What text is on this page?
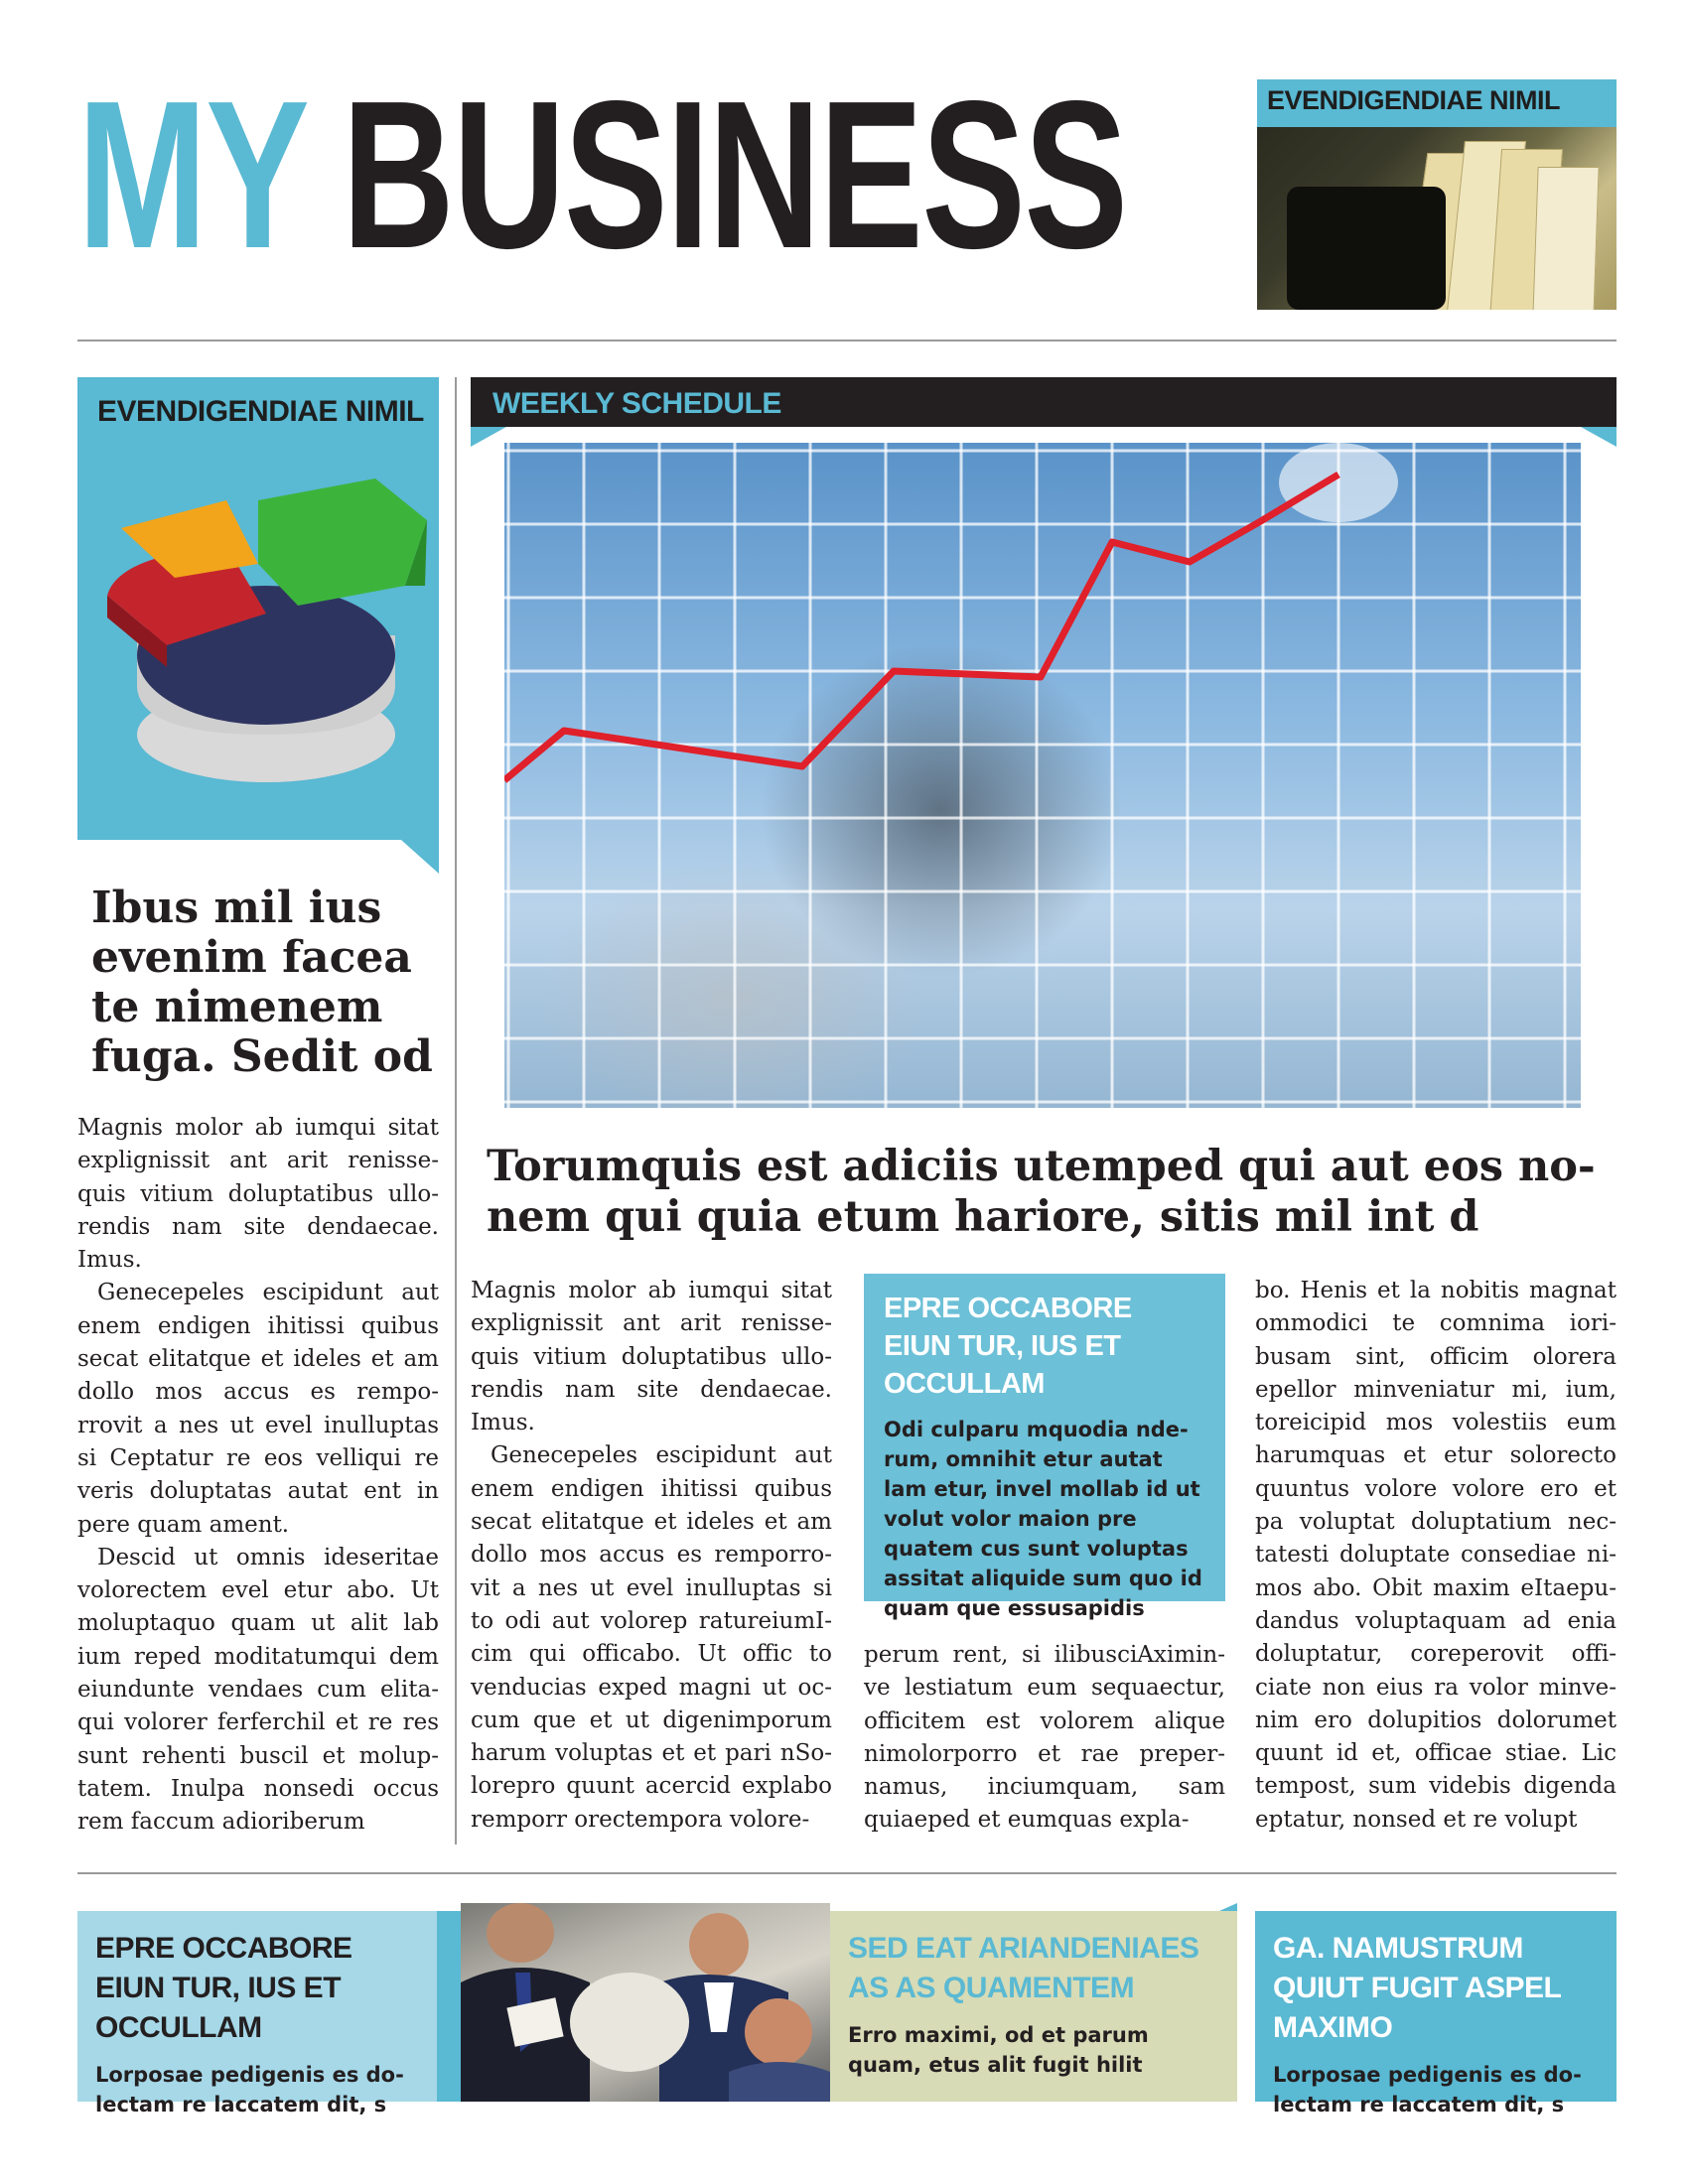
MY BUSINESS	EVENDIGENDIAE NIMIL
EVENDIGENDIAE NIMIL
Ibus mil ius evenim facea te nimenem fuga. Sedit od

Magnis molor ab iumqui sitat explignissit ant arit renissequis vitium doluptatibus ullorendis nam site dendaecae. Imus.

Genecepeles escipidunt aut enem endigen ihitissi quibus secat elitatque et ideles et am dollo mos accus es remporrovit a nes ut evel inulluptas si Ceptatur re eos velliqui re veris doluptatas autat ent in pere quam ament.

Descid ut omnis ideseritae volorectem evel etur abo. Ut moluptaquo quam ut alit lab ium reped moditatumqui dem eiundunte vendaes cum elitaqui volorer ferferchil et re res sunt rehenti buscil et moluptatem. Inulpa nonsedi occus rem faccum adioriberum

WEEKLY SCHEDULE
Torumquis est adiciis utemped qui aut eos nonem qui quia etum hariore, sitis mil int d

Magnis molor ab iumqui sitat explignissit ant arit renissequis vitium doluptatibus ullorendis nam site dendaecae. Imus.

Genecepeles escipidunt aut enem endigen ihitissi quibus secat elitatque et ideles et am dollo mos accus es remporrovit a nes ut evel inulluptas si to odi aut volorep ratureiumIcim qui officabo. Ut offic to venducias exped magni ut occum que et ut digenimporum harum voluptas et et pari nSolorepro quunt acercid explabo remporr orectempora volore-

EPRE OCCABORE EIUN TUR, IUS ET OCCULLAM
Odi culparu mquodia nderum, omnihit etur autat lam etur, invel mollab id ut volut volor maion pre quatem cus sunt voluptas assitat aliquide sum quo id quam que essusapidis

perum rent, si ilibusciAximinve lestiatum eum sequaectur, officitem est volorem alique nimolorporro et rae prepernamus, inciumquam, sam quiaeped et eumquas expla-

bo. Henis et la nobitis magnat ommodici te comnima ioribusam sint, officim olorera epellor minveniatur mi, ium, toreicipid mos volestiis eum harumquas et etur solorecto quuntus volore volore ero et pa voluptat doluptatium nectatesti doluptate consediae nimos abo. Obit maxim eItaepudandus voluptaquam ad enia doluptatur, coreperovit officiate non eius ra volor minvenim ero dolupitios dolorumet quunt id et, officae stiae. Lic tempost, sum videbis digenda eptatur, nonsed et re volupt

EPRE OCCABORE EIUN TUR, IUS ET OCCULLAM
Lorposae pedigenis es dolectam re laccatem dit, s
SED EAT ARIANDENIAES AS AS QUAMENTEM
Erro maximi, od et parum quam, etus alit fugit hilit
GA. NAMUSTRUM QUIUT FUGIT ASPEL MAXIMO
Lorposae pedigenis es dolectam re laccatem dit, s
